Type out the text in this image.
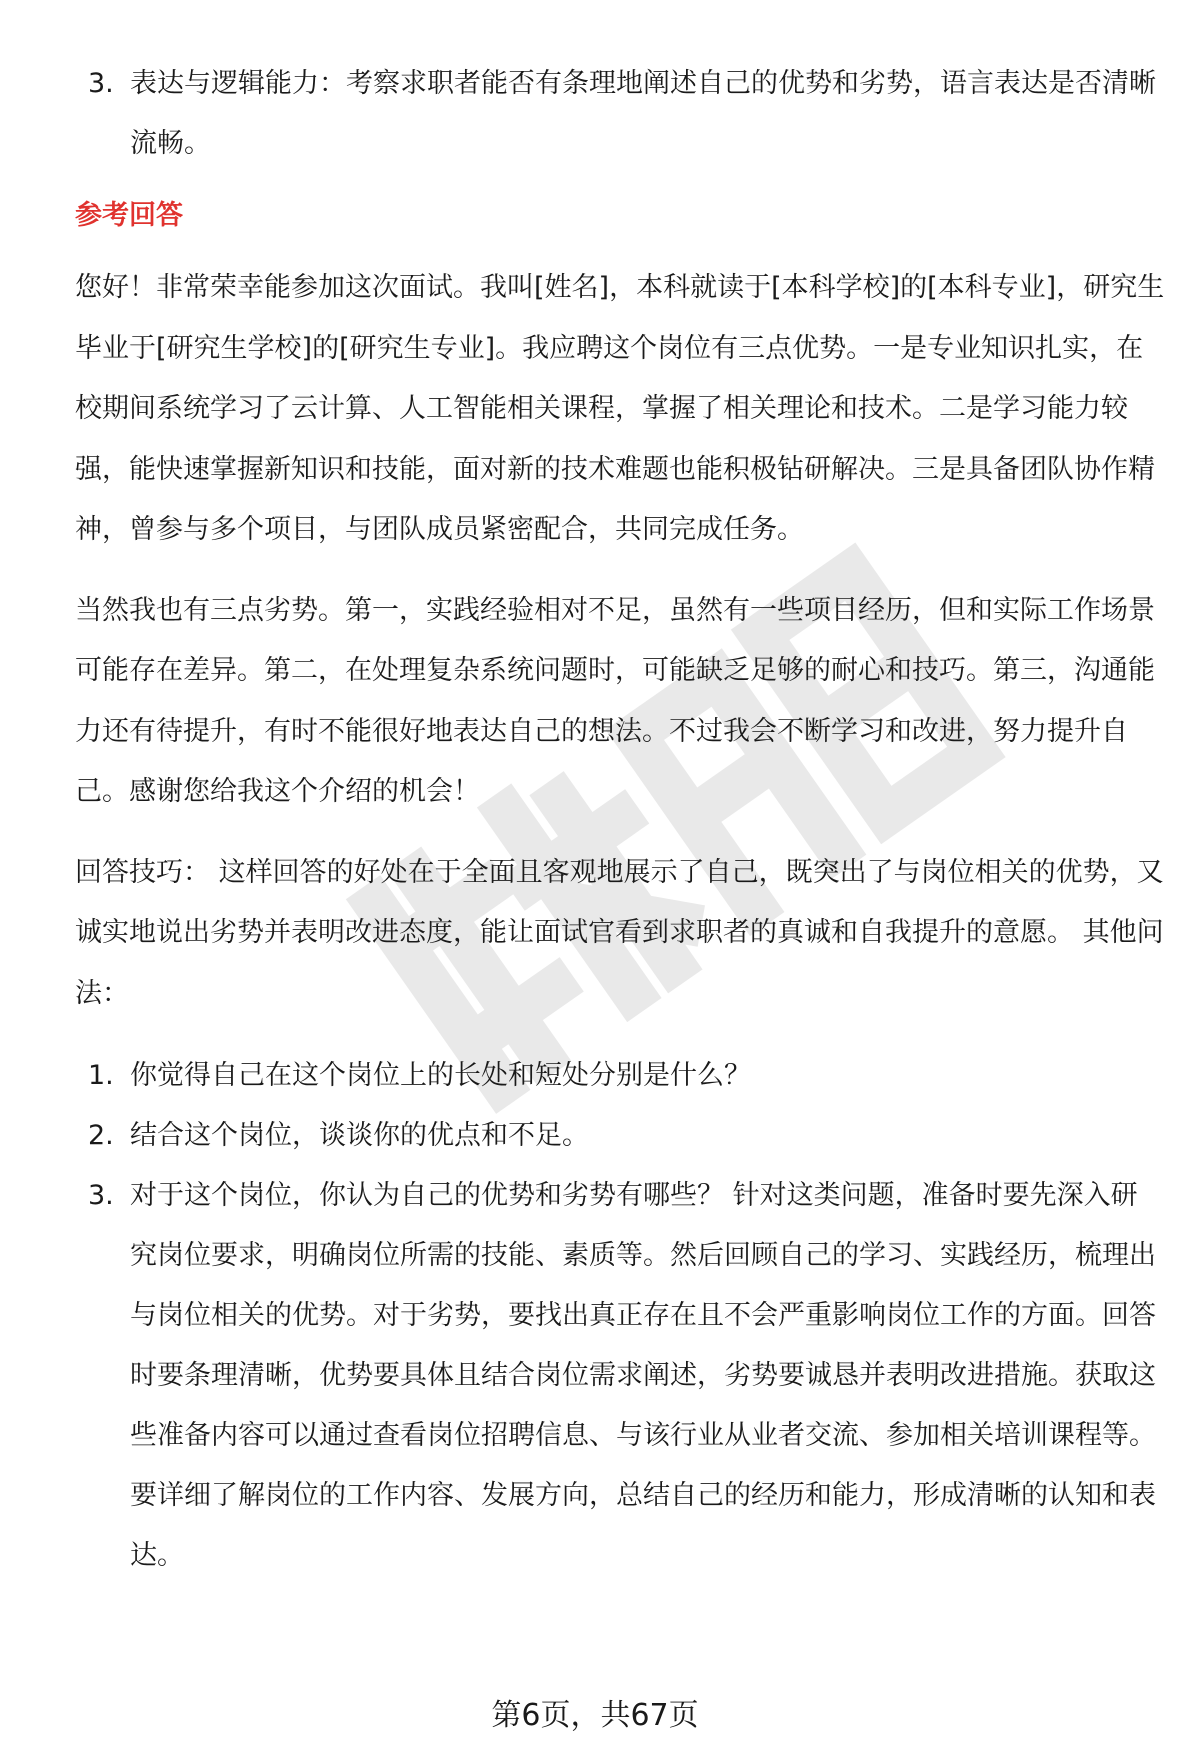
3. 表达与逻辑能力：考察求职者能否有条理地阐述自己的优势和劣势，语言表达是否清晰流畅。
参考回答

您好！非常荣幸能参加这次面试。我叫[姓名]，本科就读于[本科学校]的[本科专业]，研究生毕业于[研究生学校]的[研究生专业]。我应聘这个岗位有三点优势。一是专业知识扎实，在校期间系统学习了云计算、人工智能相关课程，掌握了相关理论和技术。二是学习能力较强，能快速掌握新知识和技能，面对新的技术难题也能积极钻研解决。三是具备团队协作精神，曾参与多个项目，与团队成员紧密配合，共同完成任务。

当然我也有三点劣势。第一，实践经验相对不足，虽然有一些项目经历，但和实际工作场景可能存在差异。第二，在处理复杂系统问题时，可能缺乏足够的耐心和技巧。第三，沟通能力还有待提升，有时不能很好地表达自己的想法。不过我会不断学习和改进，努力提升自己。感谢您给我这个介绍的机会！

回答技巧： 这样回答的好处在于全面且客观地展示了自己，既突出了与岗位相关的优势，又诚实地说出劣势并表明改进态度，能让面试官看到求职者的真诚和自我提升的意愿。 其他问法：

1. 你觉得自己在这个岗位上的长处和短处分别是什么？
2. 结合这个岗位，谈谈你的优点和不足。
3. 对于这个岗位，你认为自己的优势和劣势有哪些？ 针对这类问题，准备时要先深入研究岗位要求，明确岗位所需的技能、素质等。然后回顾自己的学习、实践经历，梳理出与岗位相关的优势。对于劣势，要找出真正存在且不会严重影响岗位工作的方面。回答时要条理清晰，优势要具体且结合岗位需求阐述，劣势要诚恳并表明改进措施。获取这些准备内容可以通过查看岗位招聘信息、与该行业从业者交流、参加相关培训课程等。要详细了解岗位的工作内容、发展方向，总结自己的经历和能力，形成清晰的认知和表达。
第6页，共67页
